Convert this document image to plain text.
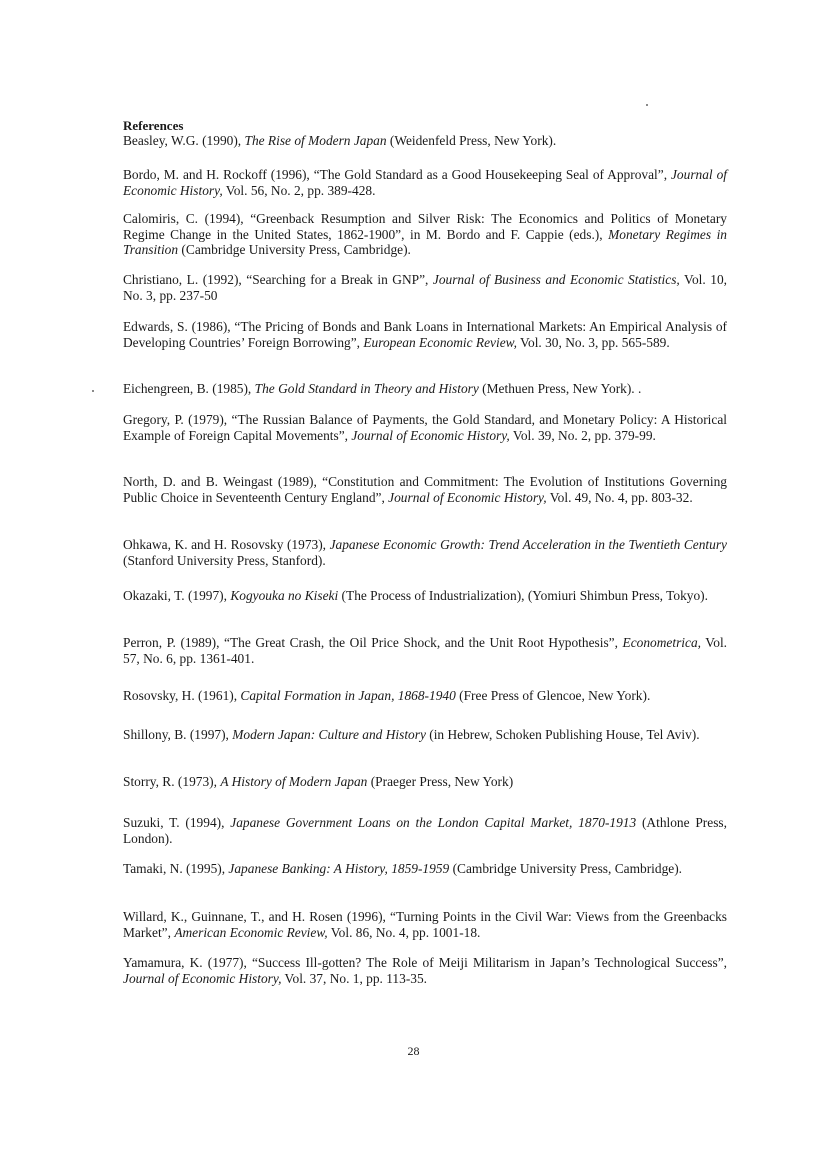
References
Beasley, W.G. (1990), The Rise of Modern Japan (Weidenfeld Press, New York).
Bordo, M. and H. Rockoff (1996), “The Gold Standard as a Good Housekeeping Seal of Approval”, Journal of Economic History, Vol. 56, No. 2, pp. 389-428.
Calomiris, C. (1994), “Greenback Resumption and Silver Risk: The Economics and Politics of Monetary Regime Change in the United States, 1862-1900”, in M. Bordo and F. Cappie (eds.), Monetary Regimes in Transition (Cambridge University Press, Cambridge).
Christiano, L. (1992), “Searching for a Break in GNP”, Journal of Business and Economic Statistics, Vol. 10, No. 3, pp. 237-50
Edwards, S. (1986), “The Pricing of Bonds and Bank Loans in International Markets: An Empirical Analysis of Developing Countries’ Foreign Borrowing”, European Economic Review, Vol. 30, No. 3, pp. 565-589.
Eichengreen, B. (1985), The Gold Standard in Theory and History (Methuen Press, New York). .
Gregory, P. (1979), “The Russian Balance of Payments, the Gold Standard, and Monetary Policy: A Historical Example of Foreign Capital Movements”, Journal of Economic History, Vol. 39, No. 2, pp. 379-99.
North, D. and B. Weingast (1989), “Constitution and Commitment: The Evolution of Institutions Governing Public Choice in Seventeenth Century England”, Journal of Economic History, Vol. 49, No. 4, pp. 803-32.
Ohkawa, K. and H. Rosovsky (1973), Japanese Economic Growth: Trend Acceleration in the Twentieth Century (Stanford University Press, Stanford).
Okazaki, T. (1997), Kogyouka no Kiseki (The Process of Industrialization), (Yomiuri Shimbun Press, Tokyo).
Perron, P. (1989), “The Great Crash, the Oil Price Shock, and the Unit Root Hypothesis”, Econometrica, Vol. 57, No. 6, pp. 1361-401.
Rosovsky, H. (1961), Capital Formation in Japan, 1868-1940 (Free Press of Glencoe, New York).
Shillony, B. (1997), Modern Japan: Culture and History (in Hebrew, Schoken Publishing House, Tel Aviv).
Storry, R. (1973), A History of Modern Japan (Praeger Press, New York)
Suzuki, T. (1994), Japanese Government Loans on the London Capital Market, 1870-1913 (Athlone Press, London).
Tamaki, N. (1995), Japanese Banking: A History, 1859-1959 (Cambridge University Press, Cambridge).
Willard, K., Guinnane, T., and H. Rosen (1996), “Turning Points in the Civil War: Views from the Greenbacks Market”, American Economic Review, Vol. 86, No. 4, pp. 1001-18.
Yamamura, K. (1977), “Success Ill-gotten? The Role of Meiji Militarism in Japan’s Technological Success”, Journal of Economic History, Vol. 37, No. 1, pp. 113-35.
28
